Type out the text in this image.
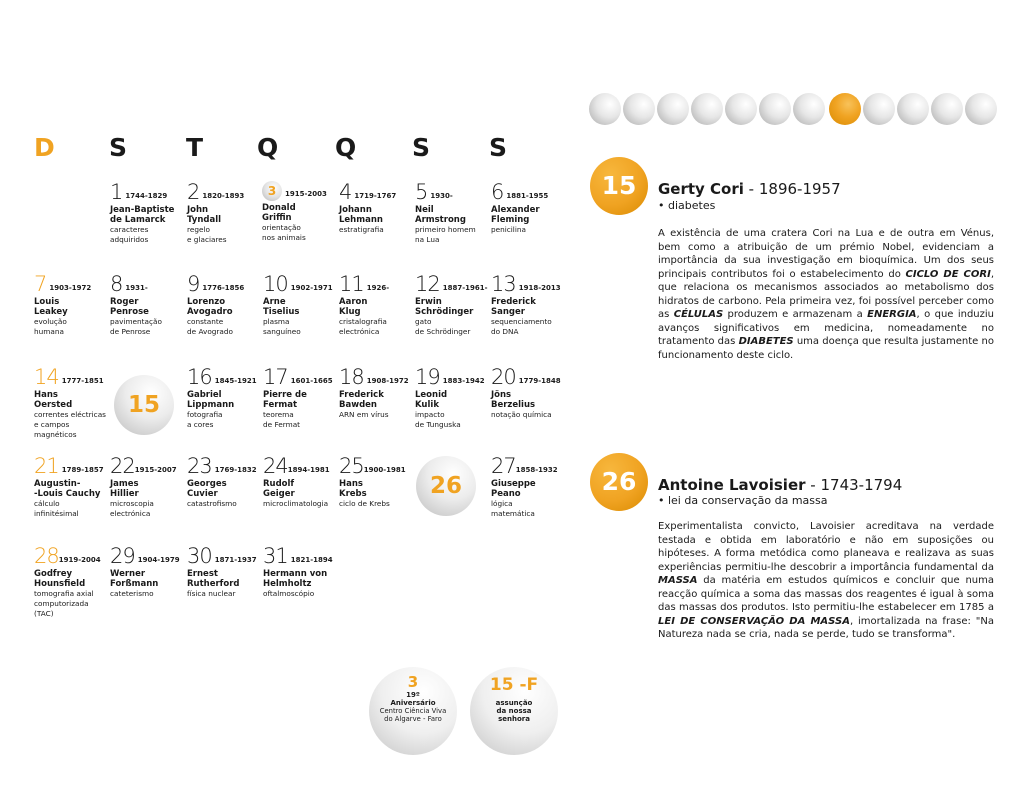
D S T Q Q S S
1 1744-1829
Jean-Baptiste
de Lamarck
caracteres
adquiridos
2 1820-1893
John
Tyndall
regelo
e glaciares
3 1915-2003
Donald
Griffin
orientação
nos animais
4 1719-1767
Johann
Lehmann
estratigrafia
5 1930-
Neil
Armstrong
primeiro homem
na Lua
6 1881-1955
Alexander
Fleming
penicilina
7 1903-1972
Louis
Leakey
evolução
humana
8 1931-
Roger
Penrose
pavimentação
de Penrose
9 1776-1856
Lorenzo
Avogadro
constante
de Avogrado
10 1902-1971
Arne
Tiselius
plasma
sanguíneo
11 1926-
Aaron
Klug
cristalografia
electrónica
12 1887-1961-
Erwin
Schrödinger
gato
de Schrödinger
13 1918-2013
Frederick
Sanger
sequenciamento
do DNA
14 1777-1851
Hans
Oersted
correntes eléctricas
e campos
magnéticos
15
16 1845-1921
Gabriel
Lippmann
fotografia
a cores
17 1601-1665
Pierre de
Fermat
teorema
de Fermat
18 1908-1972
Frederick
Bawden
ARN em vírus
19 1883-1942
Leonid
Kulik
impacto
de Tunguska
20 1779-1848
Jöns
Berzelius
notação química
21 1789-1857
Augustin-
-Louis Cauchy
cálculo
infinitésimal
221915-2007
James
Hillier
microscopia
electrónica
23 1769-1832
Georges
Cuvier
catastrofismo
241894-1981
Rudolf
Geiger
microclimatologia
251900-1981
Hans
Krebs
ciclo de Krebs
26
271858-1932
Giuseppe
Peano
lógica
matemática
281919-2004
Godfrey
Hounsfield
tomografia axial
computorizada
(TAC)
29 1904-1979
Werner
Forßmann
cateterismo
30 1871-1937
Ernest
Rutherford
física nuclear
31 1821-1894
Hermann von
Helmholtz
oftalmoscópio
3
19º
Aniversário
Centro Ciência Viva
do Algarve - Faro
15 -F
assunção
da nossa
senhora
15	Gerty Cori - 1896-1957
• diabetes
A existência de uma cratera Cori na Lua e de outra em Vénus, bem como a atribuição de um prémio Nobel, evidenciam a importância da sua investigação em bioquímica. Um dos seus principais contributos foi o estabelecimento do CICLO DE CORI, que relaciona os mecanismos associados ao metabolismo dos hidratos de carbono. Pela primeira vez, foi possível perceber como as CÉLULAS produzem e armazenam a ENERGIA, o que induziu avanços significativos em medicina, nomeadamente no tratamento das DIABETES uma doença que resulta justamente no funcionamento deste ciclo.
26	Antoine Lavoisier - 1743-1794
• lei da conservação da massa
Experimentalista convicto, Lavoisier acreditava na verdade testada e obtida em laboratório e não em suposições ou hipóteses. A forma metódica como planeava e realizava as suas experiências permitiu-lhe descobrir a importância fundamental da MASSA da matéria em estudos químicos e concluir que numa reacção química a soma das massas dos reagentes é igual à soma das massas dos produtos. Isto permitiu-lhe estabelecer em 1785 a LEI DE CONSERVAÇÃO DA MASSA, imortalizada na frase: "Na Natureza nada se cria, nada se perde, tudo se transforma".
